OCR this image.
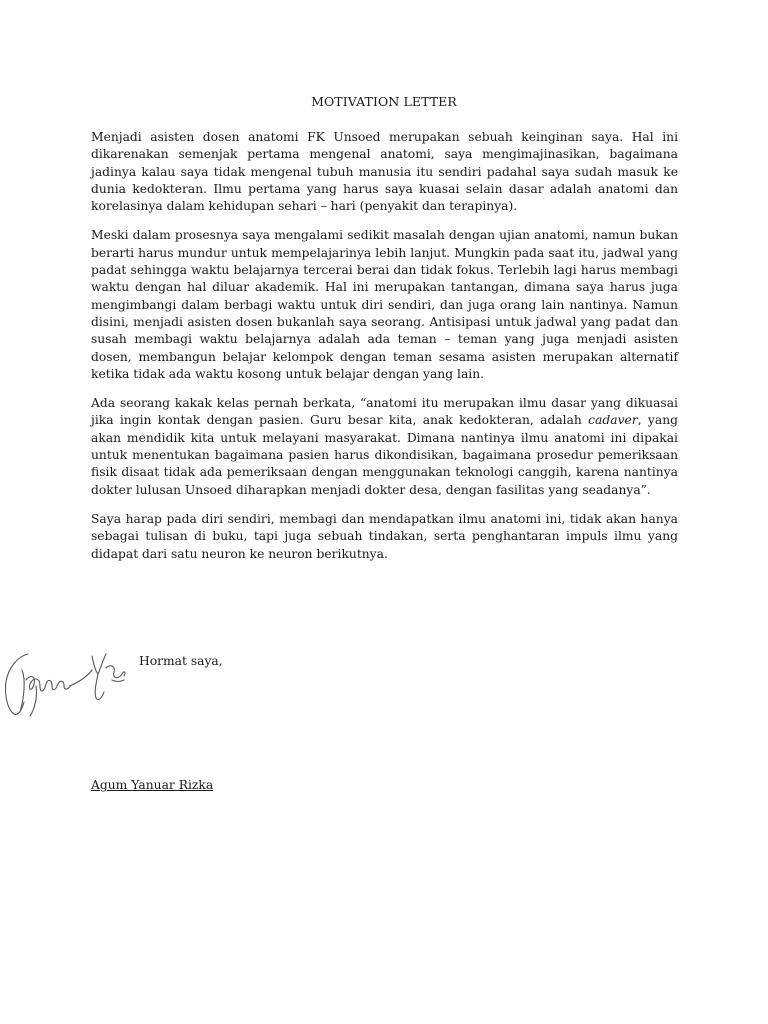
MOTIVATION LETTER

Menjadi asisten dosen anatomi FK Unsoed merupakan sebuah keinginan saya. Hal ini dikarenakan semenjak pertama mengenal anatomi, saya mengimajinasikan, bagaimana jadinya kalau saya tidak mengenal tubuh manusia itu sendiri padahal saya sudah masuk ke dunia kedokteran. Ilmu pertama yang harus saya kuasai selain dasar adalah anatomi dan korelasinya dalam kehidupan sehari – hari (penyakit dan terapinya).

Meski dalam prosesnya saya mengalami sedikit masalah dengan ujian anatomi, namun bukan berarti harus mundur untuk mempelajarinya lebih lanjut. Mungkin pada saat itu, jadwal yang padat sehingga waktu belajarnya tercerai berai dan tidak fokus. Terlebih lagi harus membagi waktu dengan hal diluar akademik. Hal ini merupakan tantangan, dimana saya harus juga mengimbangi dalam berbagi waktu untuk diri sendiri, dan juga orang lain nantinya. Namun disini, menjadi asisten dosen bukanlah saya seorang. Antisipasi untuk jadwal yang padat dan susah membagi waktu belajarnya adalah ada teman – teman yang juga menjadi asisten dosen, membangun belajar kelompok dengan teman sesama asisten merupakan alternatif ketika tidak ada waktu kosong untuk belajar dengan yang lain.

Ada seorang kakak kelas pernah berkata, “anatomi itu merupakan ilmu dasar yang dikuasai jika ingin kontak dengan pasien. Guru besar kita, anak kedokteran, adalah cadaver, yang akan mendidik kita untuk melayani masyarakat. Dimana nantinya ilmu anatomi ini dipakai untuk menentukan bagaimana pasien harus dikondisikan, bagaimana prosedur pemeriksaan fisik disaat tidak ada pemeriksaan dengan menggunakan teknologi canggih, karena nantinya dokter lulusan Unsoed diharapkan menjadi dokter desa, dengan fasilitas yang seadanya”.

Saya harap pada diri sendiri, membagi dan mendapatkan ilmu anatomi ini, tidak akan hanya sebagai tulisan di buku, tapi juga sebuah tindakan, serta penghantaran impuls ilmu yang didapat dari satu neuron ke neuron berikutnya.

Hormat saya,
Agum Yanuar Rizka
